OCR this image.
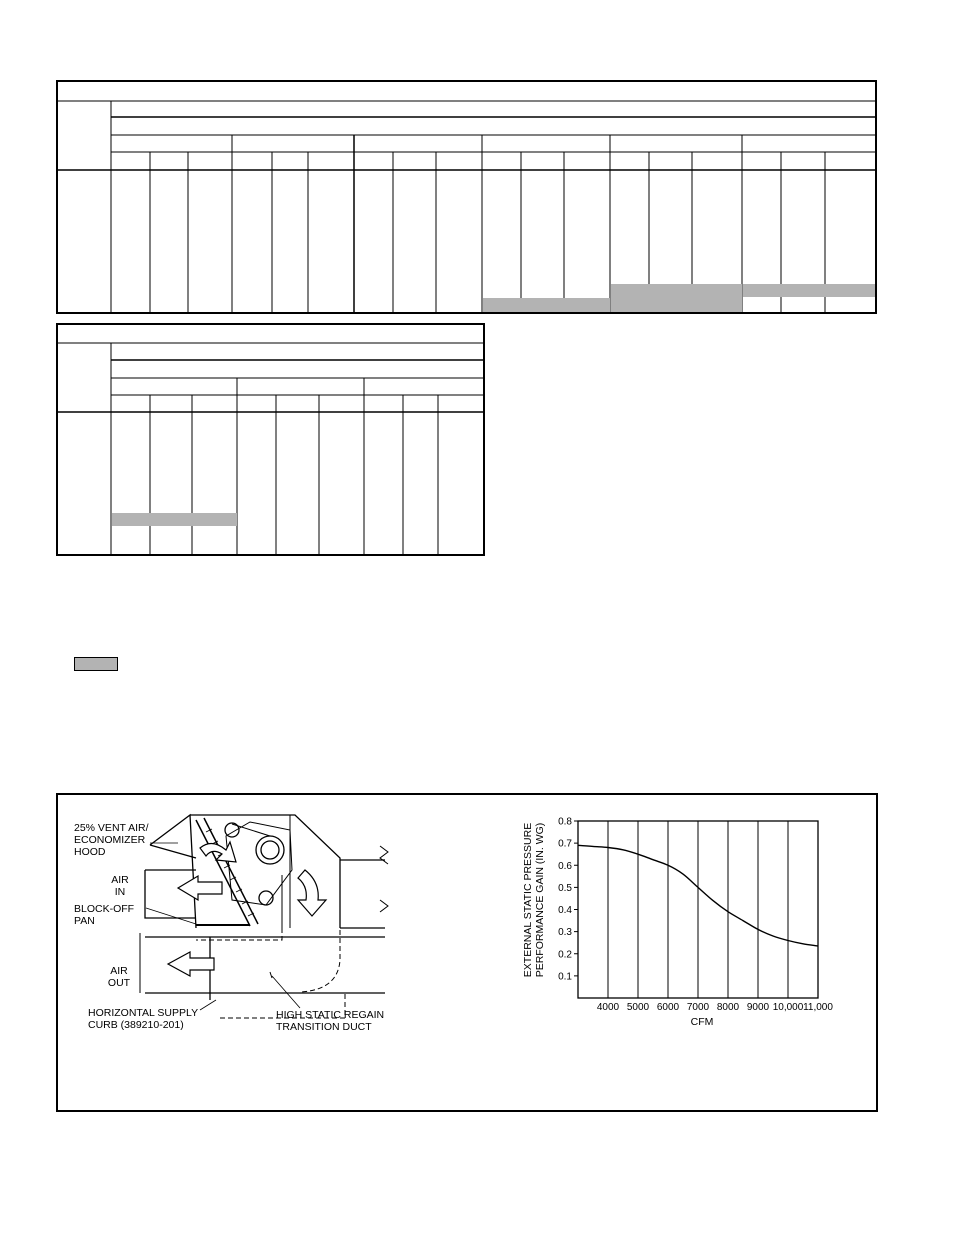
25% VENT AIR/
ECONOMIZER
HOOD
AIR
IN
BLOCK-OFF
PAN
AIR
OUT
HORIZONTAL SUPPLY
CURB (389210-201)
HIGH STATIC REGAIN
TRANSITION DUCT
0.1
0.2
0.3
0.4
0.5
0.6
0.7
0.8
4000 5000 6000 7000 8000 9000 10,000 11,000
CFM
EXTERNAL STATIC PRESSURE PERFORMANCE GAIN (IN. WG)
